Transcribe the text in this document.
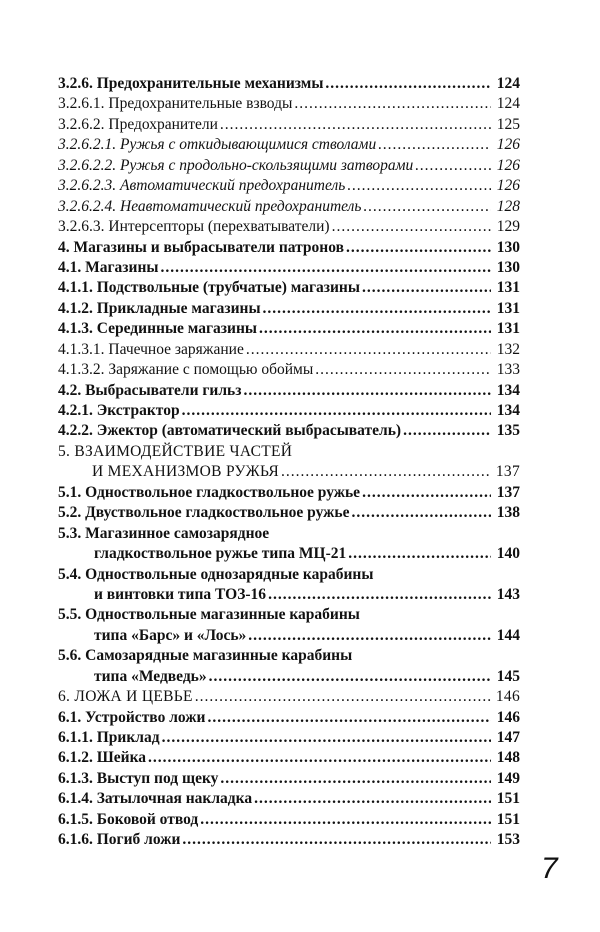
3.2.6. Предохранительные механизмы .....	124
3.2.6.1. Предохранительные взводы .....	124
3.2.6.2. Предохранители .....	125
3.2.6.2.1. Ружья с откидывающимися стволами .....	126
3.2.6.2.2. Ружья с продольно-скользящими затворами .....	126
3.2.6.2.3. Автоматический предохранитель .....	126
3.2.6.2.4. Неавтоматический предохранитель .....	128
3.2.6.3. Интерсепторы (перехватыватели) .....	129
4. Магазины и выбрасыватели патронов .....	130
4.1. Магазины .....	130
4.1.1. Подствольные (трубчатые) магазины .....	131
4.1.2. Прикладные магазины .....	131
4.1.3. Серединные магазины .....	131
4.1.3.1. Пачечное заряжание .....	132
4.1.3.2. Заряжание с помощью обоймы .....	133
4.2. Выбрасыватели гильз .....	134
4.2.1. Экстрактор .....	134
4.2.2. Эжектор (автоматический выбрасыватель) .....	135
5. ВЗАИМОДЕЙСТВИЕ ЧАСТЕЙ
И МЕХАНИЗМОВ РУЖЬЯ .....	137
5.1. Одноствольное гладкоствольное ружье .....	137
5.2. Двуствольное гладкоствольное ружье .....	138
5.3. Магазинное самозарядное
гладкоствольное ружье типа МЦ-21 .....	140
5.4. Одноствольные однозарядные карабины
и винтовки типа ТОЗ-16 .....	143
5.5. Одноствольные магазинные карабины
типа «Барс» и «Лось» .....	144
5.6. Самозарядные магазинные карабины
типа «Медведь» .....	145
6. ЛОЖА И ЦЕВЬЕ .....	146
6.1. Устройство ложи .....	146
6.1.1. Приклад .....	147
6.1.2. Шейка .....	148
6.1.3. Выступ под щеку .....	149
6.1.4. Затылочная накладка .....	151
6.1.5. Боковой отвод .....	151
6.1.6. Погиб ложи .....	153
7
